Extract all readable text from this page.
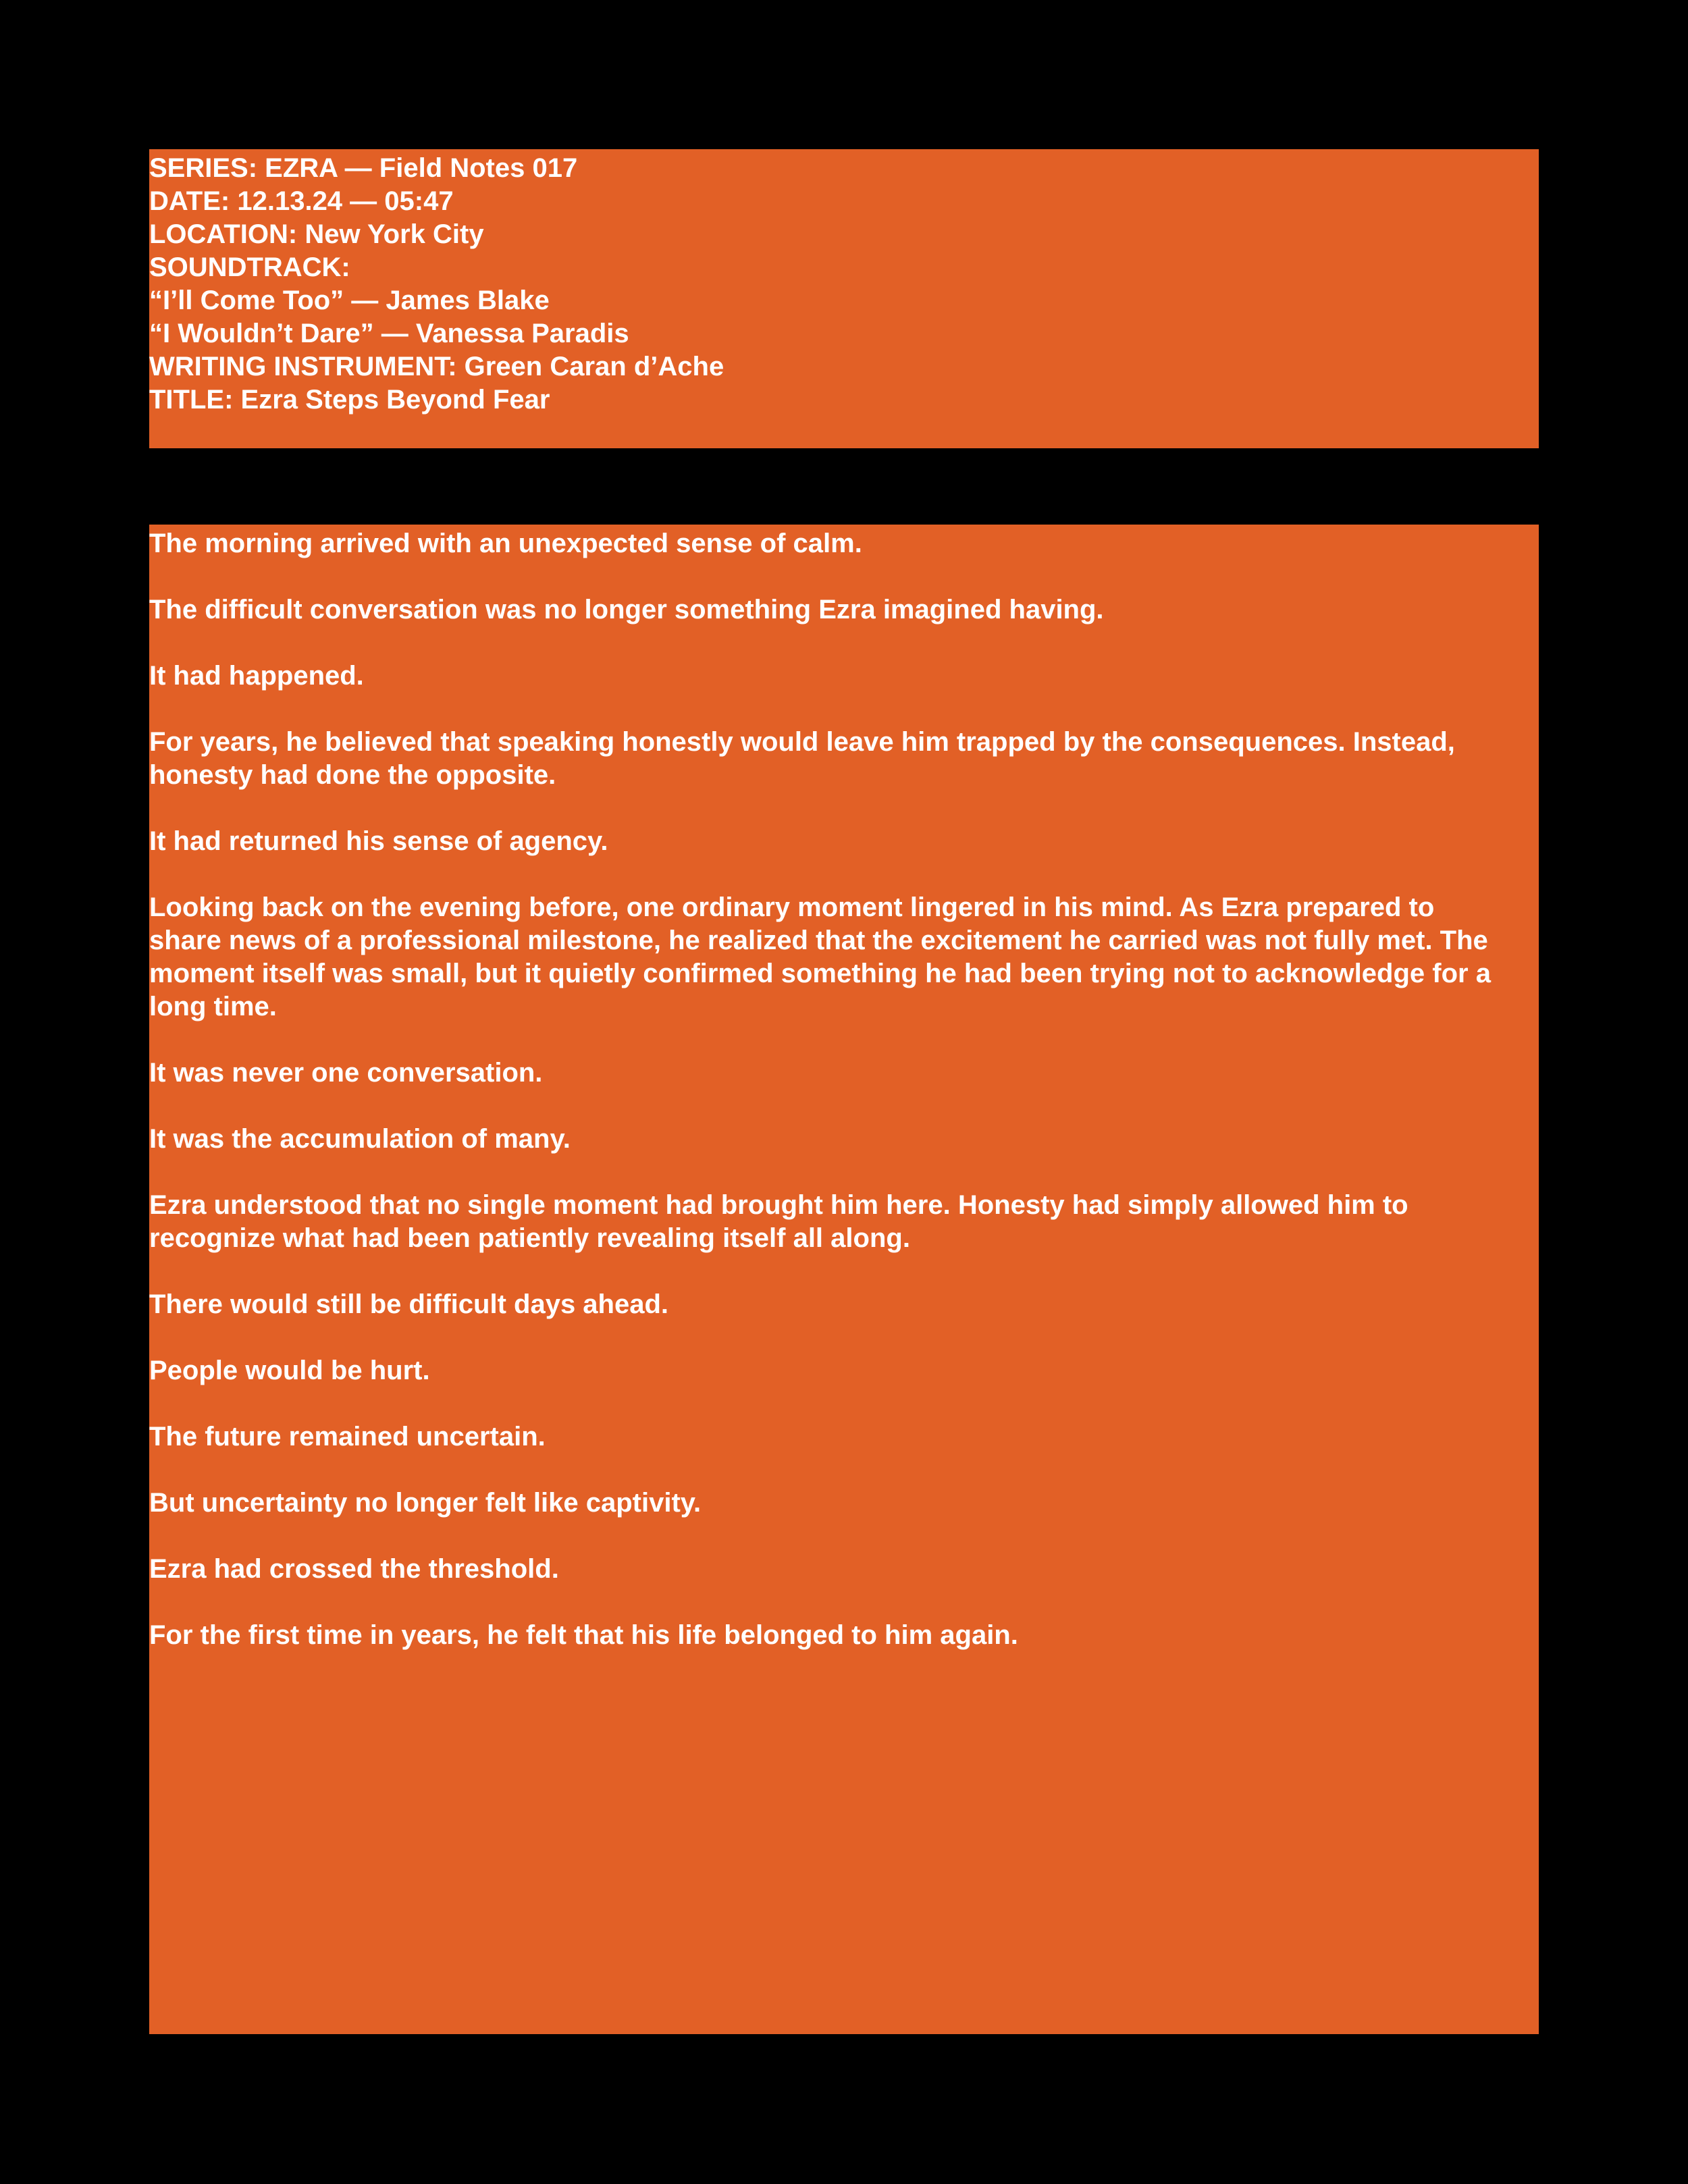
SERIES: EZRA — Field Notes 017

DATE: 12.13.24 — 05:47

LOCATION: New York City

SOUNDTRACK:

“I’ll Come Too” — James Blake

“I Wouldn’t Dare” — Vanessa Paradis

WRITING INSTRUMENT: Green Caran d’Ache

TITLE: Ezra Steps Beyond Fear

The morning arrived with an unexpected sense of calm.

The difficult conversation was no longer something Ezra imagined having.

It had happened.

For years, he believed that speaking honestly would leave him trapped by the consequences. Instead,
honesty had done the opposite.

It had returned his sense of agency.

Looking back on the evening before, one ordinary moment lingered in his mind. As Ezra prepared to
share news of a professional milestone, he realized that the excitement he carried was not fully met. The
moment itself was small, but it quietly confirmed something he had been trying not to acknowledge for a
long time.

It was never one conversation.

It was the accumulation of many.

Ezra understood that no single moment had brought him here. Honesty had simply allowed him to
recognize what had been patiently revealing itself all along.

There would still be difficult days ahead.

People would be hurt.

The future remained uncertain.

But uncertainty no longer felt like captivity.

Ezra had crossed the threshold.

For the first time in years, he felt that his life belonged to him again.
